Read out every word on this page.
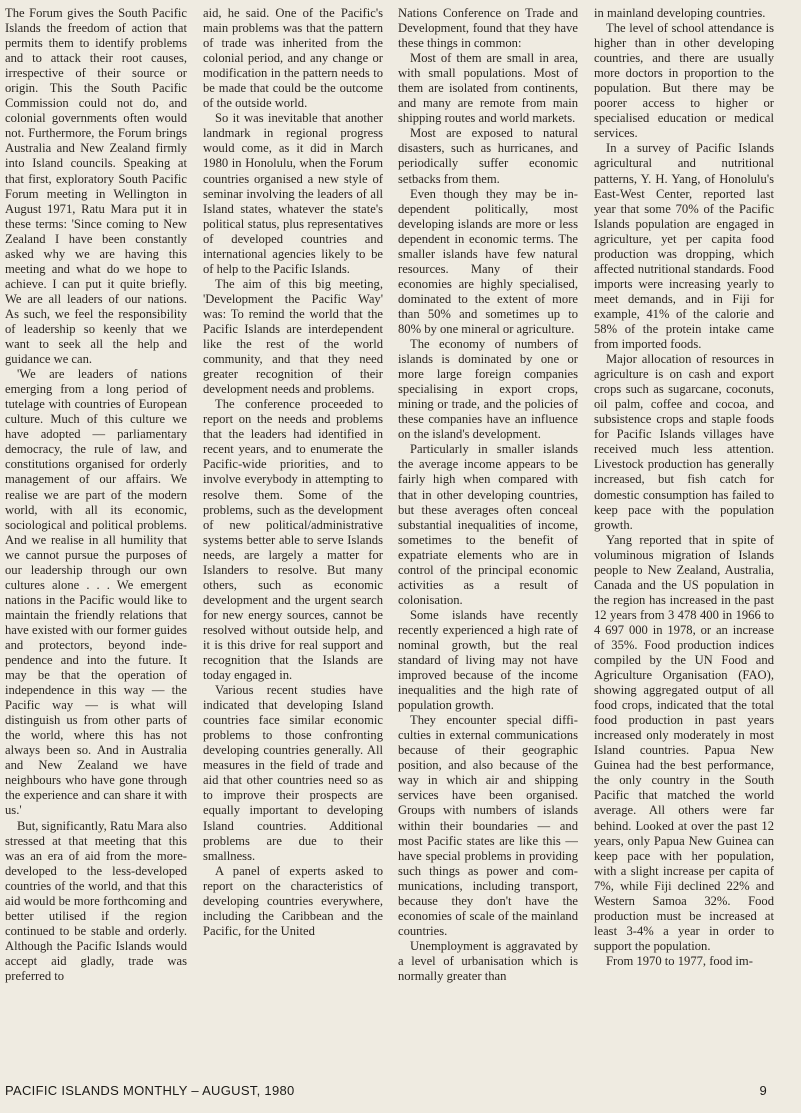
The Forum gives the South Pacific Islands the freedom of action that permits them to identify problems and to attack their root causes, irrespective of their source or origin. This the South Pacific Commission could not do, and colonial governments often would not. Furthermore, the Forum brings Australia and New Zealand firmly into Island councils. Speaking at that first, exploratory South Pacific Forum meeting in Wellington in August 1971, Ratu Mara put it in these terms: 'Since coming to New Zealand I have been constantly asked why we are having this meeting and what do we hope to achieve. I can put it quite briefly. We are all leaders of our nations. As such, we feel the responsibility of leadership so keenly that we want to seek all the help and guidance we can.

'We are leaders of nations emerging from a long period of tutelage with countries of European culture. Much of this culture we have adopted — parliamentary democracy, the rule of law, and constitutions organised for orderly management of our affairs. We realise we are part of the modern world, with all its economic, sociological and political problems. And we realise in all humility that we cannot pursue the purposes of our leadership through our own cultures alone . . . We emergent nations in the Pacific would like to maintain the friendly relations that have existed with our former guides and protectors, beyond independence and into the future. It may be that the operation of independence in this way — the Pacific way — is what will distinguish us from other parts of the world, where this has not always been so. And in Australia and New Zealand we have neighbours who have gone through the experience and can share it with us.'

But, significantly, Ratu Mara also stressed at that meeting that this was an era of aid from the more-developed to the less-developed countries of the world, and that this aid would be more forthcoming and better utilised if the region continued to be stable and orderly. Although the Pacific Islands would accept aid gladly, trade was preferred to

aid, he said. One of the Pacific's main problems was that the pattern of trade was inherited from the colonial period, and any change or modification in the pattern needs to be made that could be the outcome of the outside world.

So it was inevitable that another landmark in regional progress would come, as it did in March 1980 in Honolulu, when the Forum countries organised a new style of seminar involving the leaders of all Island states, whatever the state's political status, plus representatives of developed countries and international agencies likely to be of help to the Pacific Islands.

The aim of this big meeting, 'Development the Pacific Way' was: To remind the world that the Pacific Islands are interdependent like the rest of the world community, and that they need greater recognition of their development needs and problems.

The conference proceeded to report on the needs and problems that the leaders had identified in recent years, and to enumerate the Pacific-wide priorities, and to involve everybody in attempting to resolve them. Some of the problems, such as the development of new political/administrative systems better able to serve Islands needs, are largely a matter for Islanders to resolve. But many others, such as economic development and the urgent search for new energy sources, cannot be resolved without outside help, and it is this drive for real support and recognition that the Islands are today engaged in.

Various recent studies have indicated that developing Island countries face similar economic problems to those confronting developing countries generally. All measures in the field of trade and aid that other countries need so as to improve their prospects are equally important to developing Island countries. Additional problems are due to their smallness.

A panel of experts asked to report on the characteristics of developing countries everywhere, including the Caribbean and the Pacific, for the United

Nations Conference on Trade and Development, found that they have these things in common:

Most of them are small in area, with small populations. Most of them are isolated from continents, and many are remote from main shipping routes and world markets.

Most are exposed to natural disasters, such as hurricanes, and periodically suffer economic setbacks from them.

Even though they may be independent politically, most developing islands are more or less dependent in economic terms. The smaller islands have few natural resources. Many of their economies are highly specialised, dominated to the extent of more than 50% and sometimes up to 80% by one mineral or agriculture.

The economy of numbers of islands is dominated by one or more large foreign companies specialising in export crops, mining or trade, and the policies of these companies have an influence on the island's development.

Particularly in smaller islands the average income appears to be fairly high when compared with that in other developing countries, but these averages often conceal substantial inequalities of income, sometimes to the benefit of expatriate elements who are in control of the principal economic activities as a result of colonisation.

Some islands have recently recently experienced a high rate of nominal growth, but the real standard of living may not have improved because of the income inequalities and the high rate of population growth.

They encounter special difficulties in external communications because of their geographic position, and also because of the way in which air and shipping services have been organised. Groups with numbers of islands within their boundaries — and most Pacific states are like this — have special problems in providing such things as power and communications, including transport, because they don't have the economies of scale of the mainland countries.

Unemployment is aggravated by a level of urbanisation which is normally greater than

in mainland developing countries.

The level of school attendance is higher than in other developing countries, and there are usually more doctors in proportion to the population. But there may be poorer access to higher or specialised education or medical services.

In a survey of Pacific Islands agricultural and nutritional patterns, Y. H. Yang, of Honolulu's East-West Center, reported last year that some 70% of the Pacific Islands population are engaged in agriculture, yet per capita food production was dropping, which affected nutritional standards. Food imports were increasing yearly to meet demands, and in Fiji for example, 41% of the calorie and 58% of the protein intake came from imported foods.

Major allocation of resources in agriculture is on cash and export crops such as sugarcane, coconuts, oil palm, coffee and cocoa, and subsistence crops and staple foods for Pacific Islands villages have received much less attention. Livestock production has generally increased, but fish catch for domestic consumption has failed to keep pace with the population growth.

Yang reported that in spite of voluminous migration of Islands people to New Zealand, Australia, Canada and the US population in the region has increased in the past 12 years from 3 478 400 in 1966 to 4 697 000 in 1978, or an increase of 35%. Food production indices compiled by the UN Food and Agriculture Organisation (FAO), showing aggregated output of all food crops, indicated that the total food production in past years increased only moderately in most Island countries. Papua New Guinea had the best performance, the only country in the South Pacific that matched the world average. All others were far behind. Looked at over the past 12 years, only Papua New Guinea can keep pace with her population, with a slight increase per capita of 7%, while Fiji declined 22% and Western Samoa 32%. Food production must be increased at least 3-4% a year in order to support the population.

From 1970 to 1977, food im-

PACIFIC ISLANDS MONTHLY – AUGUST, 1980	9
